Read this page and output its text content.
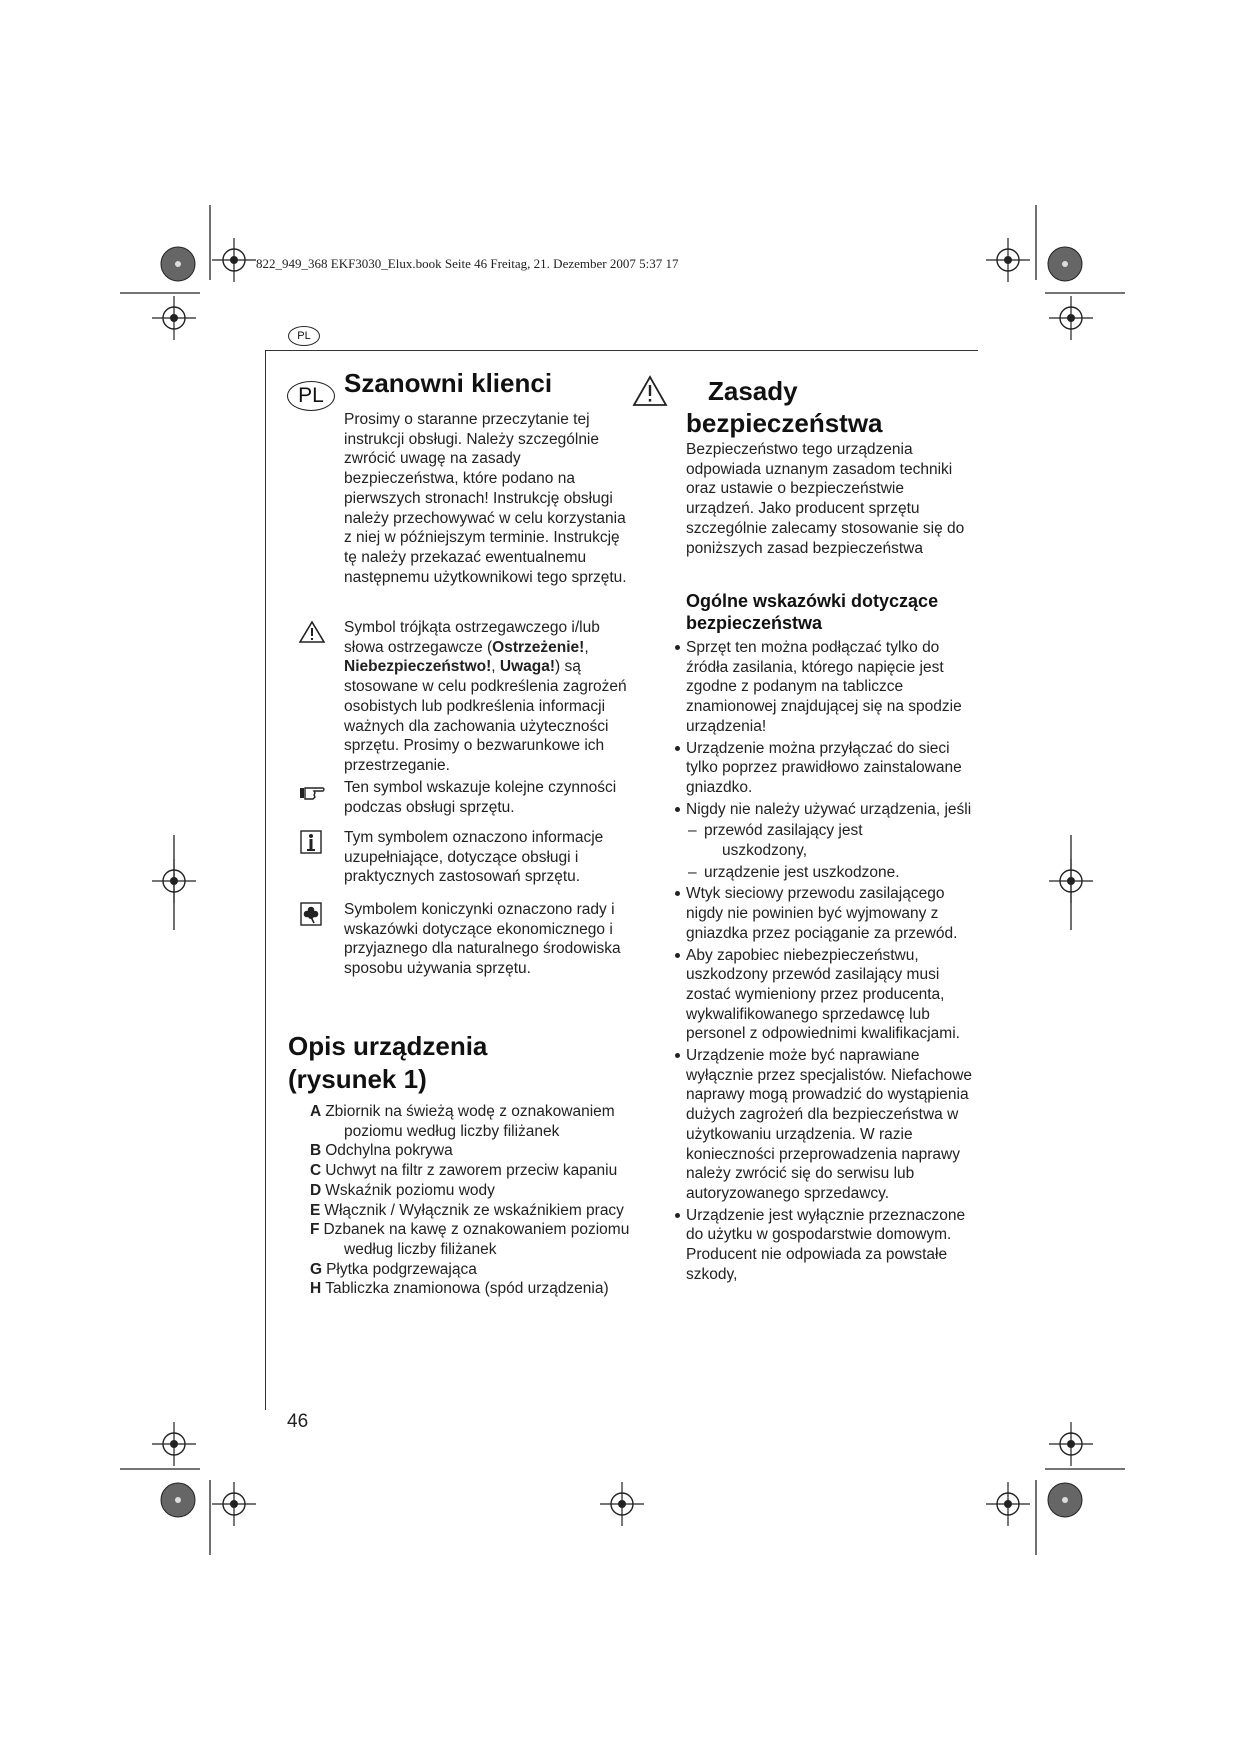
822_949_368 EKF3030_Elux.book Seite 46 Freitag, 21. Dezember 2007 5:37 17
PL
PL Szanowni klienci

Prosimy o staranne przeczytanie tej instrukcji obsługi. Należy szczególnie zwrócić uwagę na zasady bezpieczeństwa, które podano na pierwszych stronach! Instrukcję obsługi należy przechowywać w celu korzystania z niej w późniejszym terminie. Instrukcję tę należy przekazać ewentualnemu następnemu użytkownikowi tego sprzętu.

Symbol trójkąta ostrzegawczego i/lub słowa ostrzegawcze (Ostrzeżenie!, Niebezpieczeństwo!, Uwaga!) są stosowane w celu podkreślenia zagrożeń osobistych lub podkreślenia informacji ważnych dla zachowania użyteczności sprzętu. Prosimy o bezwarunkowe ich przestrzeganie.

Ten symbol wskazuje kolejne czynności podczas obsługi sprzętu.

Tym symbolem oznaczono informacje uzupełniające, dotyczące obsługi i praktycznych zastosowań sprzętu.

Symbolem koniczynki oznaczono rady i wskazówki dotyczące ekonomicznego i przyjaznego dla naturalnego środowiska sposobu używania sprzętu.

Opis urządzenia
(rysunek 1)
A Zbiornik na świeżą wodę z oznakowaniem poziomu według liczby filiżanek
B Odchylna pokrywa
C Uchwyt na filtr z zaworem przeciw kapaniu
D Wskaźnik poziomu wody
E Włącznik / Wyłącznik ze wskaźnikiem pracy
F Dzbanek na kawę z oznakowaniem poziomu według liczby filiżanek
G Płytka podgrzewająca
H Tabliczka znamionowa (spód urządzenia)
Zasady
bezpieczeństwa

Bezpieczeństwo tego urządzenia odpowiada uznanym zasadom techniki oraz ustawie o bezpieczeństwie urządzeń. Jako producent sprzętu szczególnie zalecamy stosowanie się do poniższych zasad bezpieczeństwa

Ogólne wskazówki dotyczące bezpieczeństwa
Sprzęt ten można podłączać tylko do źródła zasilania, którego napięcie jest zgodne z podanym na tabliczce znamionowej znajdującej się na spodzie urządzenia!
Urządzenie można przyłączać do sieci tylko poprzez prawidłowo zainstalowane gniazdko.
Nigdy nie należy używać urządzenia, jeśli
– przewód zasilający jest
uszkodzony,
– urządzenie jest uszkodzone.
Wtyk sieciowy przewodu zasilającego nigdy nie powinien być wyjmowany z gniazdka przez pociąganie za przewód.
Aby zapobiec niebezpieczeństwu, uszkodzony przewód zasilający musi zostać wymieniony przez producenta, wykwalifikowanego sprzedawcę lub personel z odpowiednimi kwalifikacjami.
Urządzenie może być naprawiane wyłącznie przez specjalistów. Niefachowe naprawy mogą prowadzić do wystąpienia dużych zagrożeń dla bezpieczeństwa w użytkowaniu urządzenia. W razie konieczności przeprowadzenia naprawy należy zwrócić się do serwisu lub autoryzowanego sprzedawcy.
Urządzenie jest wyłącznie przeznaczone do użytku w gospodarstwie domowym. Producent nie odpowiada za powstałe szkody,
46
